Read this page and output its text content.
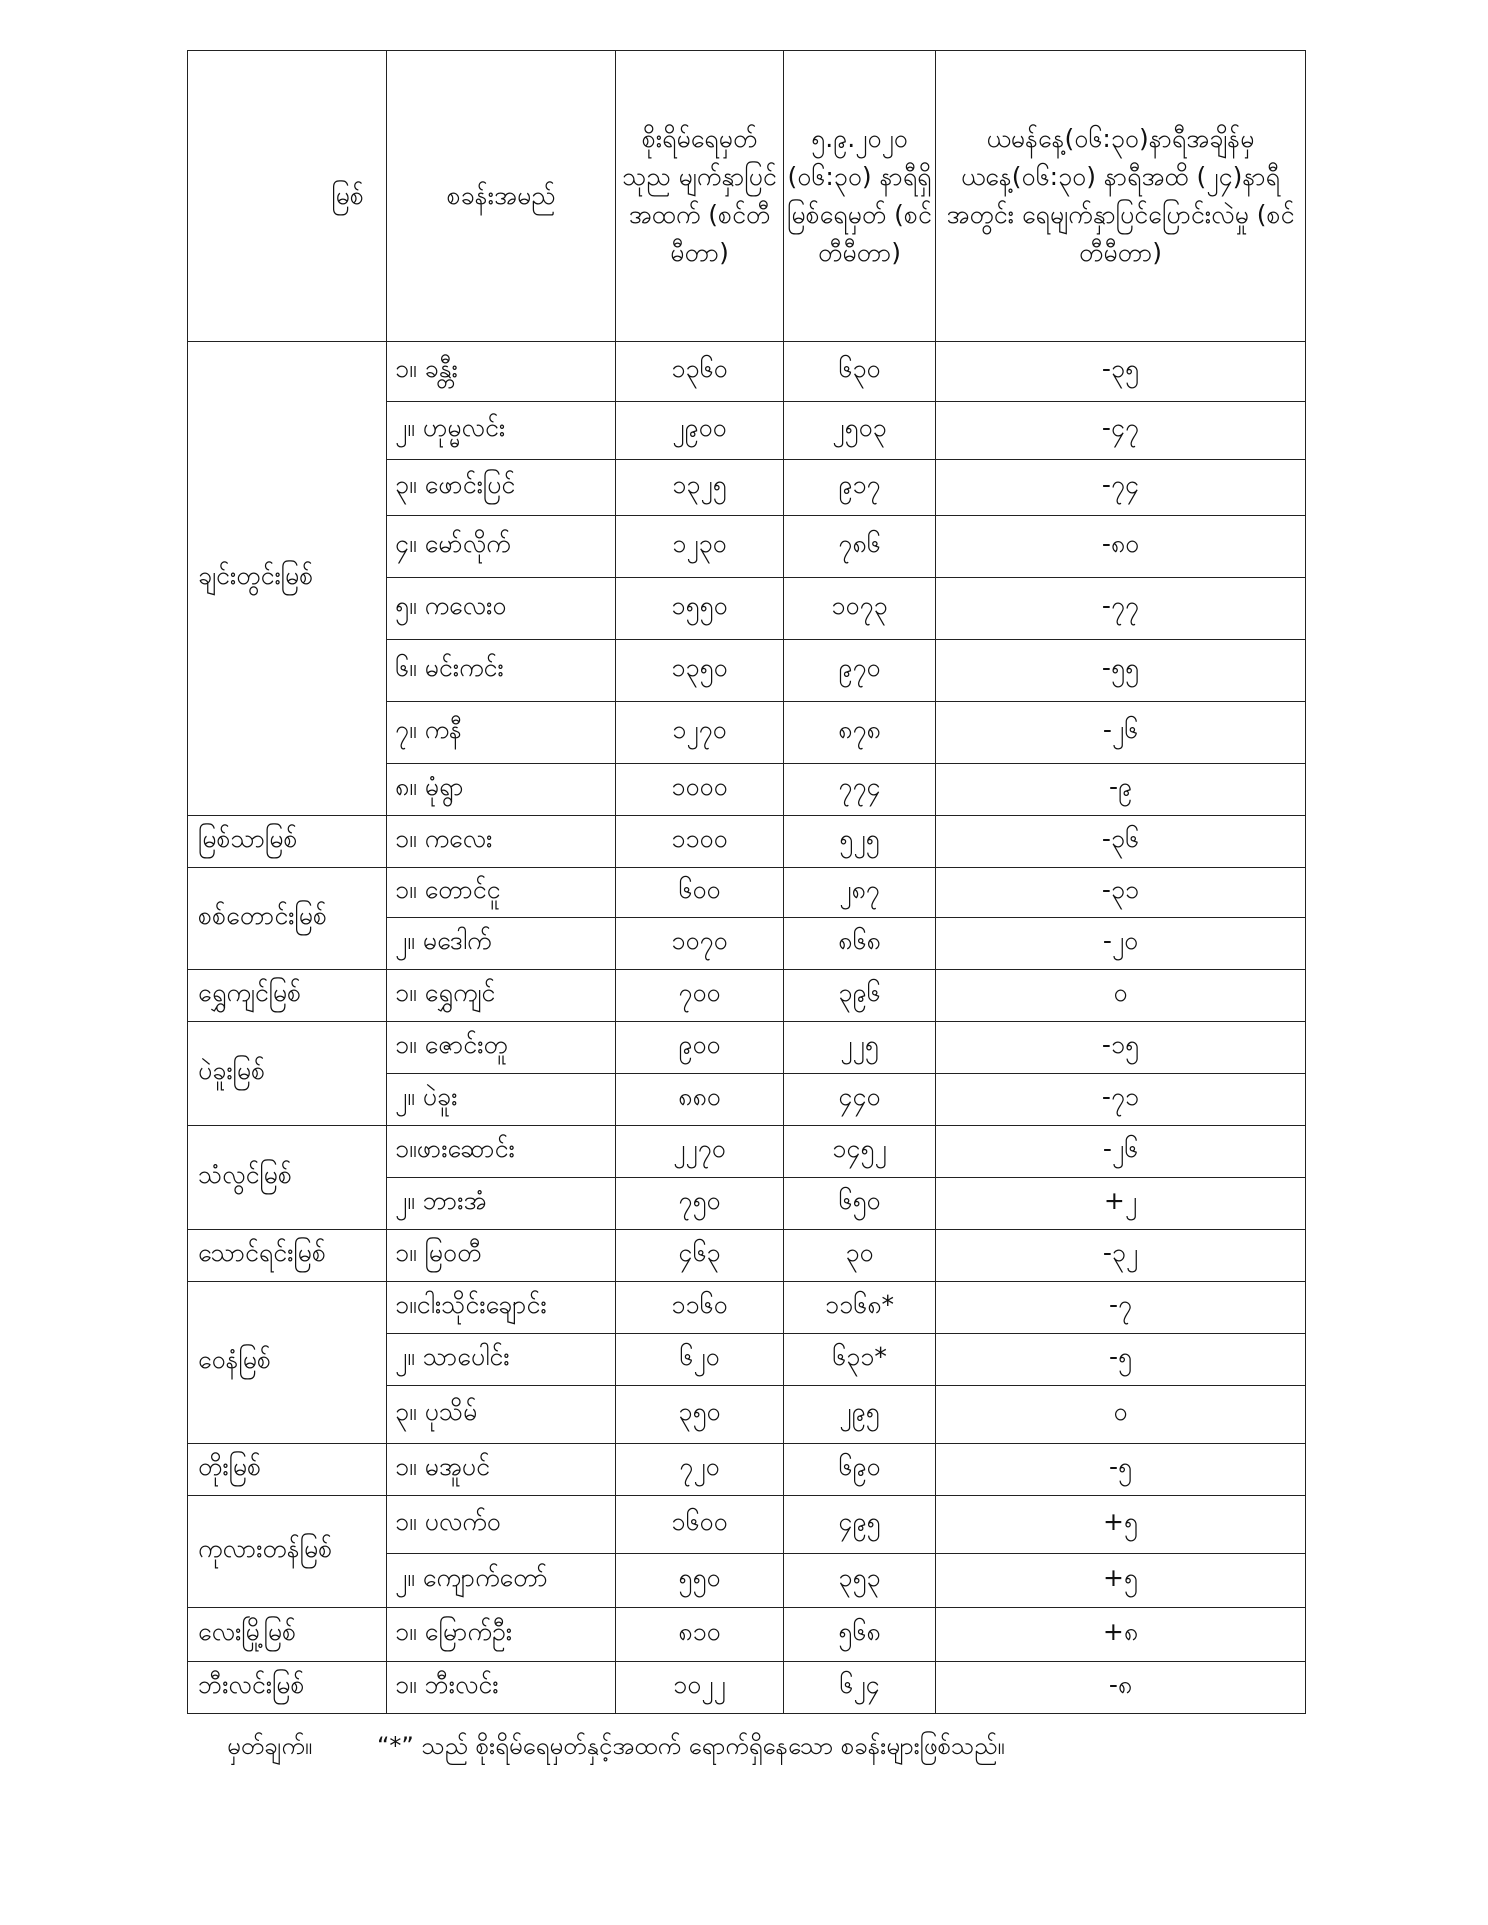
မြစ်	စခန်းအမည်	စိုးရိမ်ရေမှတ် သုည မျက်နှာပြင် အထက် (စင်တီမီတာ)	၅.၉.၂၀၂၀ (၀၆:၃၀) နာရီရှိ မြစ်ရေမှတ် (စင်တီမီတာ)	ယမန်နေ့(၀၆:၃၀)နာရီအချိန်မှ ယနေ့(၀၆:၃၀) နာရီအထိ (၂၄)နာရီအတွင်း ရေမျက်နှာပြင်ပြောင်းလဲမှု (စင်တီမီတာ)
ချင်းတွင်းမြစ်	၁။ ခန္တီး	၁၃၆၀	၆၃၀	-၃၅
	၂။ ဟုမ္မလင်း	၂၉၀၀	၂၅၀၃	-၄၇
	၃။ ဖောင်းပြင်	၁၃၂၅	၉၁၇	-၇၄
	၄။ မော်လိုက်	၁၂၃၀	၇၈၆	-၈၀
	၅။ ကလေးဝ	၁၅၅၀	၁၀၇၃	-၇၇
	၆။ မင်းကင်း	၁၃၅၀	၉၇၀	-၅၅
	၇။ ကနီ	၁၂၇၀	၈၇၈	-၂၆
	၈။ မုံရွာ	၁၀၀၀	၇၇၄	-၉
မြစ်သာမြစ်	၁။ ကလေး	၁၁၀၀	၅၂၅	-၃၆
စစ်တောင်းမြစ်	၁။ တောင်ငူ	၆၀၀	၂၈၇	-၃၁
	၂။ မဒေါက်	၁၀၇၀	၈၆၈	-၂၀
ရွှေကျင်မြစ်	၁။ ရွှေကျင်	၇၀၀	၃၉၆	၀
ပဲခူးမြစ်	၁။ ဇောင်းတူ	၉၀၀	၂၂၅	-၁၅
	၂။ ပဲခူး	၈၈၀	၄၄၀	-၇၁
သံလွင်မြစ်	၁။ဖားဆောင်း	၂၂၇၀	၁၄၅၂	-၂၆
	၂။ ဘားအံ	၇၅၀	၆၅၀	+၂
သောင်ရင်းမြစ်	၁။ မြဝတီ	၄၆၃	၃၀	-၃၂
ဝေနံမြစ်	၁။ငါးသိုင်းချောင်း	၁၁၆၀	၁၁၆၈*	-၇
	၂။ သာပေါင်း	၆၂၀	၆၃၁*	-၅
	၃။ ပုသိမ်	၃၅၀	၂၉၅	၀
တိုးမြစ်	၁။ မအူပင်	၇၂၀	၆၉၀	-၅
ကုလားတန်မြစ်	၁။ ပလက်ဝ	၁၆၀၀	၄၉၅	+၅
	၂။ ကျောက်တော်	၅၅၀	၃၅၃	+၅
လေးမြို့မြစ်	၁။ မြောက်ဦး	၈၁၀	၅၆၈	+၈
ဘီးလင်းမြစ်	၁။ ဘီးလင်း	၁၀၂၂	၆၂၄	-၈
မှတ်ချက်။	“*” သည် စိုးရိမ်ရေမှတ်နှင့်အထက် ရောက်ရှိနေသော စခန်းများဖြစ်သည်။
